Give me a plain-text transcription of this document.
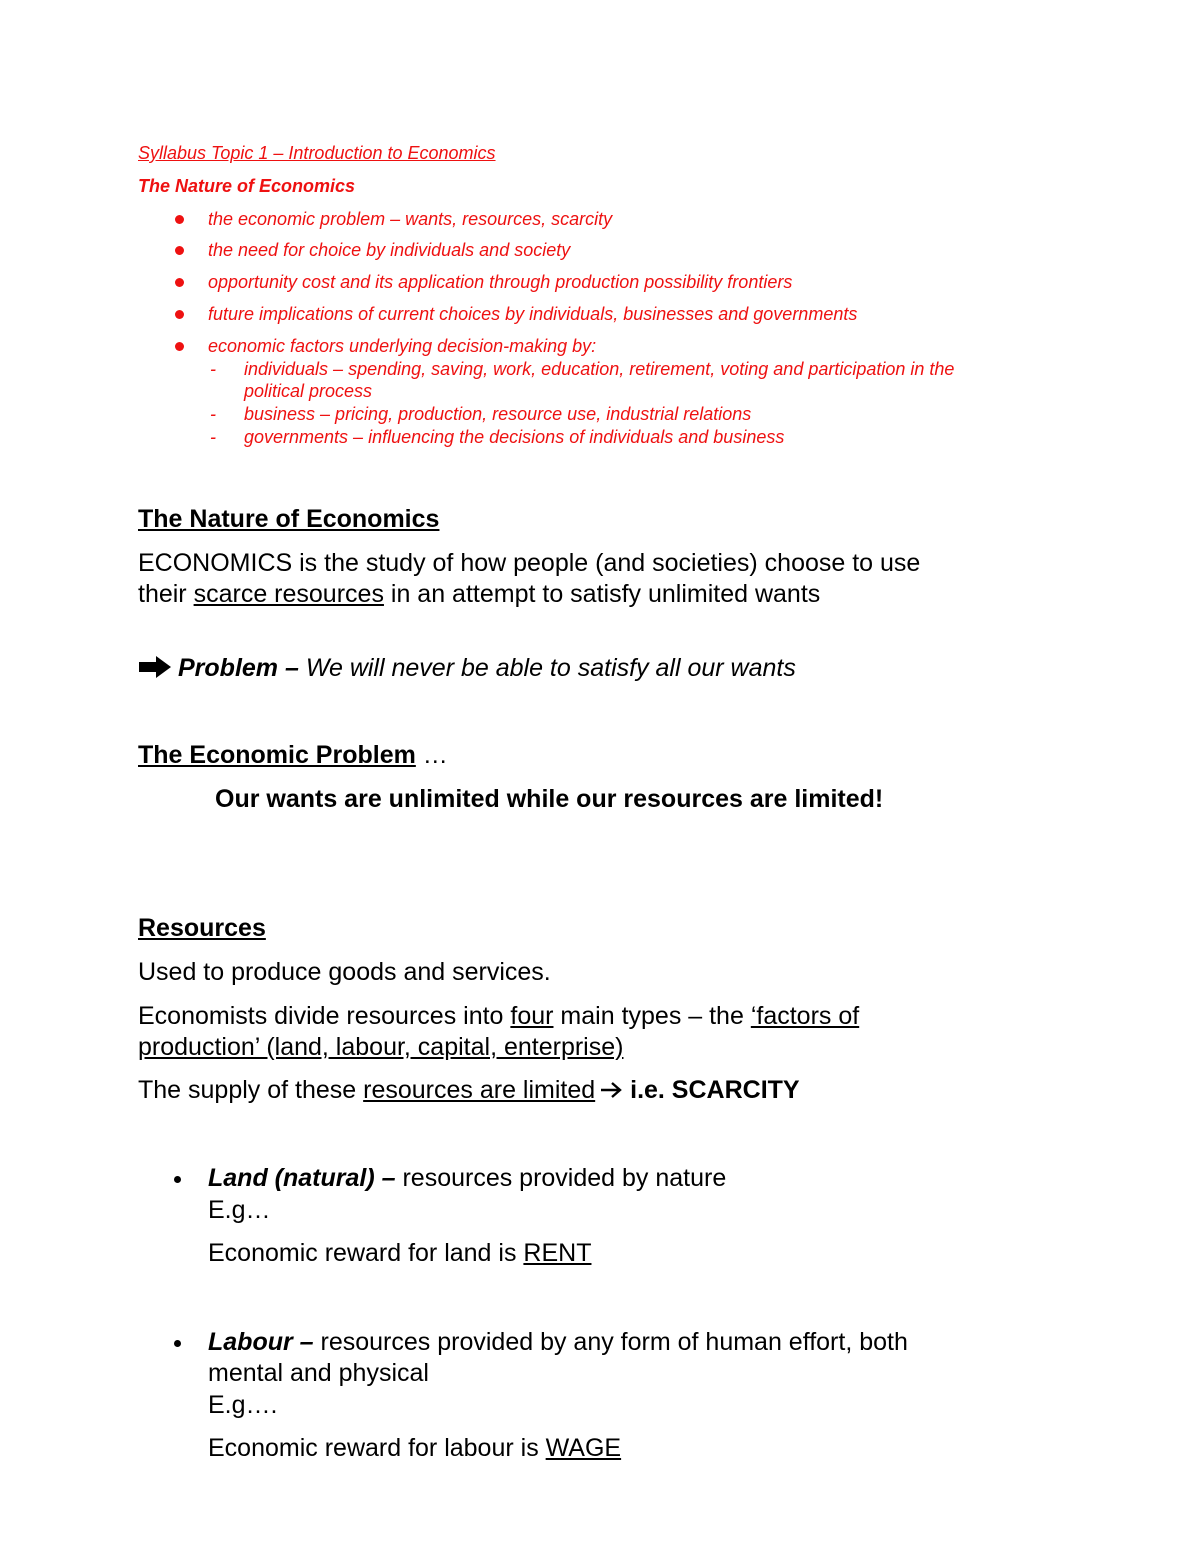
Syllabus Topic 1 – Introduction to Economics
The Nature of Economics
the economic problem – wants, resources, scarcity
the need for choice by individuals and society
opportunity cost and its application through production possibility frontiers
future implications of current choices by individuals, businesses and governments
economic factors underlying decision-making by:
- individuals – spending, saving, work, education, retirement, voting and participation in the
political process
- business – pricing, production, resource use, industrial relations
- governments – influencing the decisions of individuals and business
The Nature of Economics
ECONOMICS is the study of how people (and societies) choose to use
their scarce resources in an attempt to satisfy unlimited wants
Problem – We will never be able to satisfy all our wants
The Economic Problem …
Our wants are unlimited while our resources are limited!
Resources
Used to produce goods and services.
Economists divide resources into four main types – the ‘factors of
production’ (land, labour, capital, enterprise)
The supply of these resources are limited i.e. SCARCITY
Land (natural) – resources provided by nature
E.g…
Economic reward for land is RENT
Labour – resources provided by any form of human effort, both
mental and physical
E.g….
Economic reward for labour is WAGE
